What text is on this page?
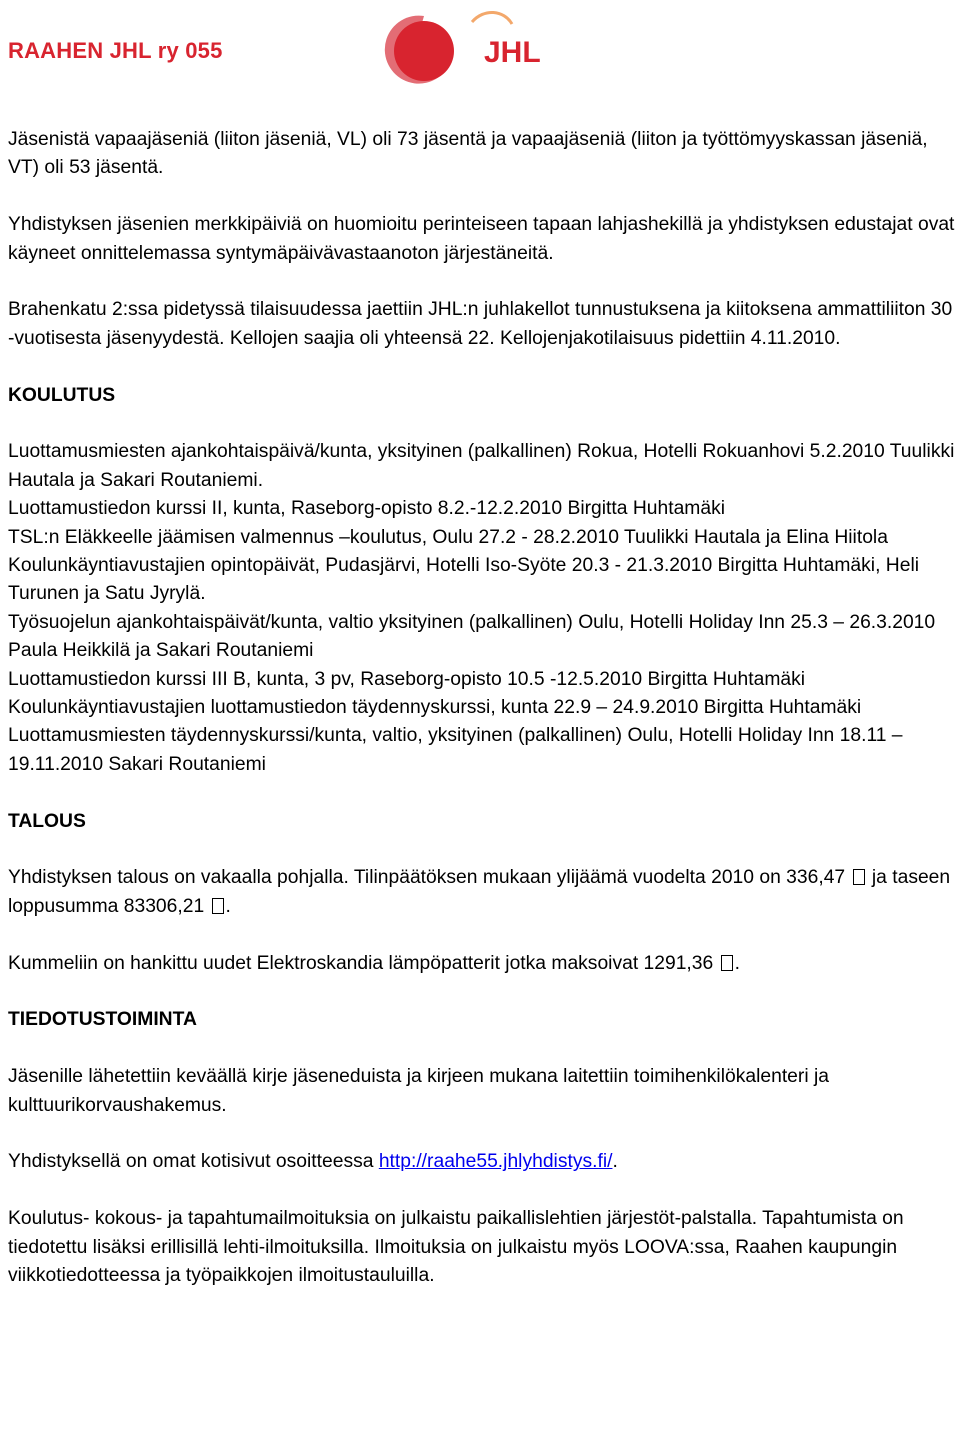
RAAHEN JHL ry 055	JHL

Jäsenistä vapaajäseniä (liiton jäseniä, VL) oli 73 jäsentä ja vapaajäseniä (liiton ja työttömyyskassan jäseniä, VT) oli 53 jäsentä.

Yhdistyksen jäsenien merkkipäiviä on huomioitu perinteiseen tapaan lahjashekillä ja yhdistyksen edustajat ovat käyneet onnittelemassa syntymäpäivävastaanoton järjestäneitä.

Brahenkatu 2:ssa pidetyssä tilaisuudessa jaettiin JHL:n juhlakellot tunnustuksena ja kiitoksena ammattiliiton 30 -vuotisesta jäsenyydestä. Kellojen saajia oli yhteensä 22. Kellojenjakotilaisuus pidettiin 4.11.2010.

KOULUTUS

Luottamusmiesten ajankohtaispäivä/kunta, yksityinen (palkallinen) Rokua, Hotelli Rokuanhovi 5.2.2010 Tuulikki Hautala ja Sakari Routaniemi.

Luottamustiedon kurssi II, kunta, Raseborg-opisto 8.2.-12.2.2010 Birgitta Huhtamäki

TSL:n Eläkkeelle jäämisen valmennus –koulutus, Oulu 27.2 - 28.2.2010 Tuulikki Hautala ja Elina Hiitola

Koulunkäyntiavustajien opintopäivät, Pudasjärvi, Hotelli Iso-Syöte 20.3 - 21.3.2010 Birgitta Huhtamäki, Heli Turunen ja Satu Jyrylä.

Työsuojelun ajankohtaispäivät/kunta, valtio yksityinen (palkallinen) Oulu, Hotelli Holiday Inn 25.3 – 26.3.2010 Paula Heikkilä ja Sakari Routaniemi

Luottamustiedon kurssi III B, kunta, 3 pv, Raseborg-opisto 10.5 -12.5.2010 Birgitta Huhtamäki

Koulunkäyntiavustajien luottamustiedon täydennyskurssi, kunta 22.9 – 24.9.2010 Birgitta Huhtamäki

Luottamusmiesten täydennyskurssi/kunta, valtio, yksityinen (palkallinen) Oulu, Hotelli Holiday Inn 18.11 – 19.11.2010 Sakari Routaniemi

TALOUS

Yhdistyksen talous on vakaalla pohjalla. Tilinpäätöksen mukaan ylijäämä vuodelta 2010 on 336,47 ja taseen loppusumma 83306,21 .

Kummeliin on hankittu uudet Elektroskandia lämpöpatterit jotka maksoivat 1291,36 .

TIEDOTUSTOIMINTA

Jäsenille lähetettiin keväällä kirje jäseneduista ja kirjeen mukana laitettiin toimihenkilökalenteri ja kulttuurikorvaushakemus.

Yhdistyksellä on omat kotisivut osoitteessa http://raahe55.jhlyhdistys.fi/.

Koulutus- kokous- ja tapahtumailmoituksia on julkaistu paikallislehtien järjestöt-palstalla. Tapahtumista on tiedotettu lisäksi erillisillä lehti-ilmoituksilla. Ilmoituksia on julkaistu myös LOOVA:ssa, Raahen kaupungin viikkotiedotteessa ja työpaikkojen ilmoitustauluilla.
